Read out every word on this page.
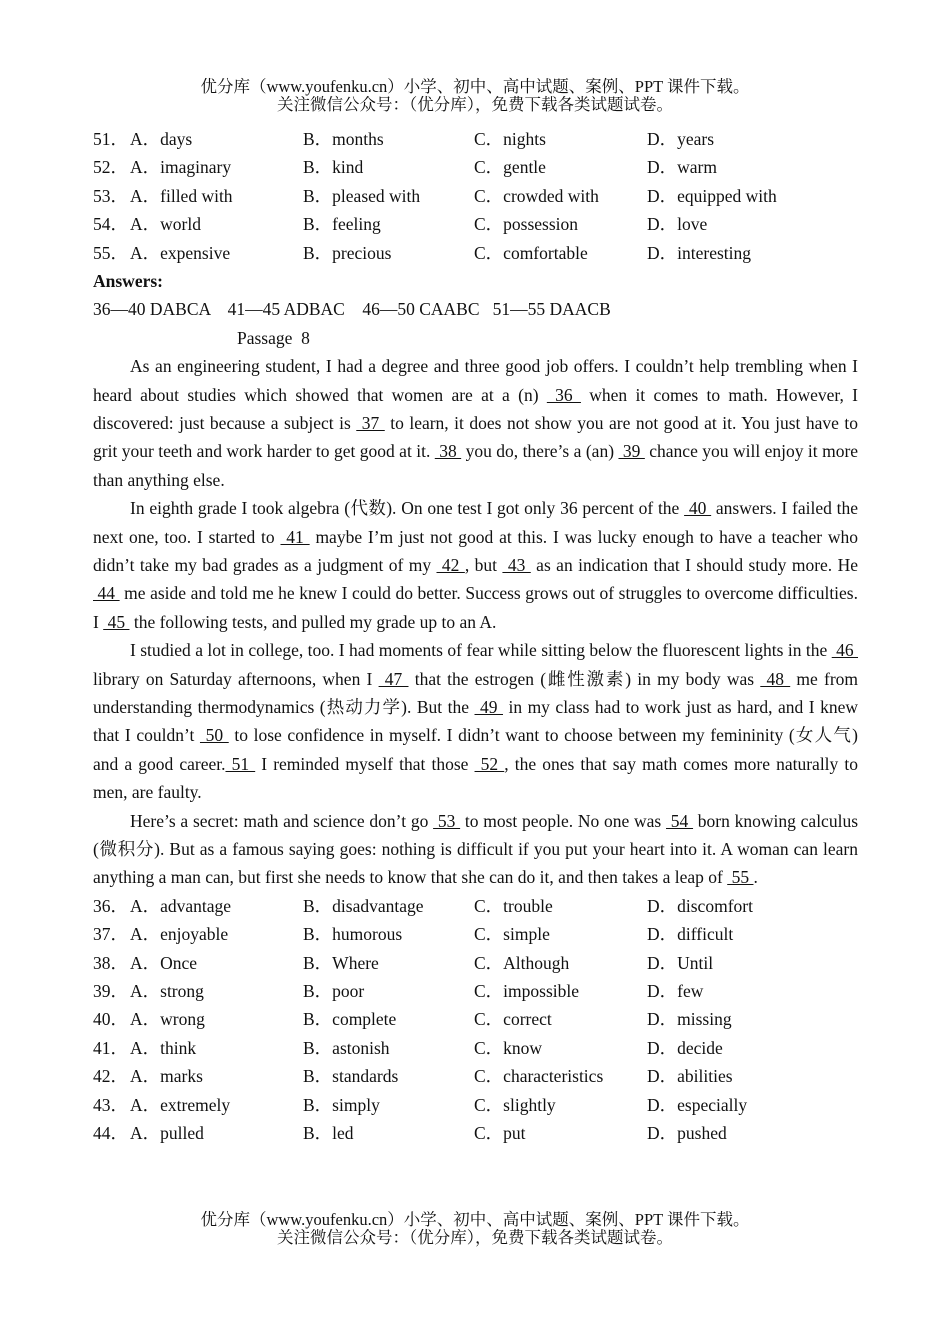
优分库（www.youfenku.cn）小学、初中、高中试题、案例、PPT 课件下载。
关注微信公众号：（优分库），免费下载各类试题试卷。
51． A．days	B．months	C．nights	D．years
52． A．imaginary	B．kind	C．gentle	D．warm
53． A．filled with	B．pleased with	C．crowded with	D．equipped with
54． A．world	B．feeling	C．possession	D．love
55． A．expensive	B．precious	C．comfortable	D．interesting
Answers:
36—40 DABCA    41—45 ADBAC    46—50 CAABC   51—55 DAACB
Passage  8

As an engineering student, I had a degree and three good job offers. I couldn’t help trembling when I heard about studies which showed that women are at a (n)  36  when it comes to math. However, I discovered: just because a subject is  37  to learn, it does not show you are not good at it. You just have to grit your teeth and work harder to get good at it.  38  you do, there’s a (an)  39  chance you will enjoy it more than anything else.

In eighth grade I took algebra (代数). On one test I got only 36 percent of the  40  answers. I failed the next one, too. I started to  41  maybe I’m just not good at this. I was lucky enough to have a teacher who didn’t take my bad grades as a judgment of my  42 , but  43  as an indication that I should study more. He  44  me aside and told me he knew I could do better. Success grows out of struggles to overcome difficulties. I  45  the following tests, and pulled my grade up to an A.

I studied a lot in college, too. I had moments of fear while sitting below the fluorescent lights in the  46  library on Saturday afternoons, when I  47  that the estrogen (雌性激素) in my body was  48  me from understanding thermodynamics (热动力学). But the  49  in my class had to work just as hard, and I knew that I couldn’t  50  to lose confidence in myself. I didn’t want to choose between my femininity (女人气) and a good career. 51  I reminded myself that those  52 , the ones that say math comes more naturally to men, are faulty.

Here’s a secret: math and science don’t go  53  to most people. No one was  54  born knowing calculus (微积分). But as a famous saying goes: nothing is difficult if you put your heart into it. A woman can learn anything a man can, but first she needs to know that she can do it, and then takes a leap of  55 .

36． A．advantage	B．disadvantage	C．trouble	D．discomfort
37． A．enjoyable	B．humorous	C．simple	D．difficult
38． A．Once	B．Where	C．Although	D．Until
39． A．strong	B．poor	C．impossible	D．few
40． A．wrong	B．complete	C．correct	D．missing
41． A．think	B．astonish	C．know	D．decide
42． A．marks	B．standards	C．characteristics D．abilities
43． A．extremely	B．simply	C．slightly	D．especially
44． A．pulled	B．led	C．put	D．pushed
优分库（www.youfenku.cn）小学、初中、高中试题、案例、PPT 课件下载。
关注微信公众号：（优分库），免费下载各类试题试卷。
